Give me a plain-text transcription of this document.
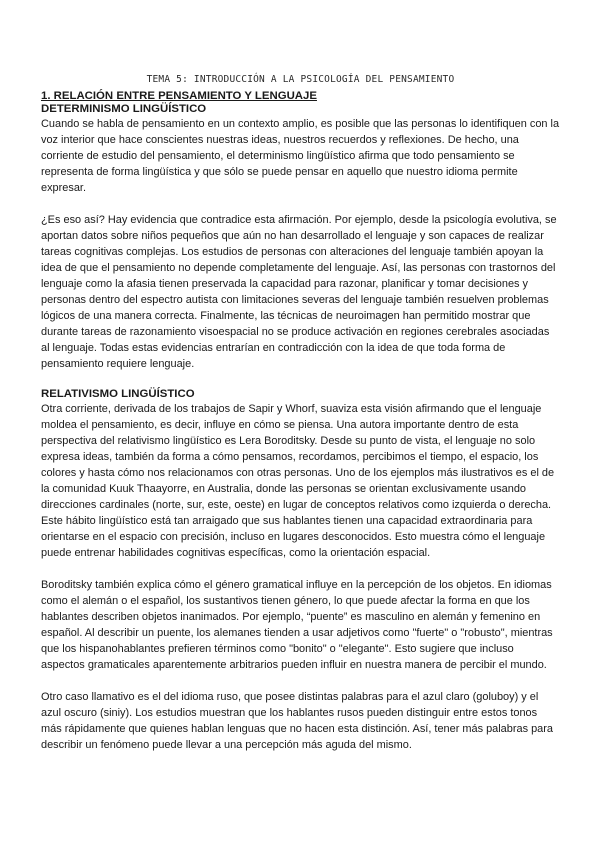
TEMA 5: INTRODUCCIÓN A LA PSICOLOGÍA DEL PENSAMIENTO
1. RELACIÓN ENTRE PENSAMIENTO Y LENGUAJE
DETERMINISMO LINGÜÍSTICO

Cuando se habla de pensamiento en un contexto amplio, es posible que las personas lo identifiquen con la voz interior que hace conscientes nuestras ideas, nuestros recuerdos y reflexiones. De hecho, una corriente de estudio del pensamiento, el determinismo lingüístico afirma que todo pensamiento se representa de forma lingüística y que sólo se puede pensar en aquello que nuestro idioma permite expresar.

¿Es eso así? Hay evidencia que contradice esta afirmación. Por ejemplo, desde la psicología evolutiva, se aportan datos sobre niños pequeños que aún no han desarrollado el lenguaje y son capaces de realizar tareas cognitivas complejas. Los estudios de personas con alteraciones del lenguaje también apoyan la idea de que el pensamiento no depende completamente del lenguaje. Así, las personas con trastornos del lenguaje como la afasia tienen preservada la capacidad para razonar, planificar y tomar decisiones y personas dentro del espectro autista con limitaciones severas del lenguaje también resuelven problemas lógicos de una manera correcta. Finalmente, las técnicas de neuroimagen han permitido mostrar que durante tareas de razonamiento visoespacial no se produce activación en regiones cerebrales asociadas al lenguaje. Todas estas evidencias entrarían en contradicción con la idea de que toda forma de pensamiento requiere lenguaje.

RELATIVISMO LINGÜÍSTICO

Otra corriente, derivada de los trabajos de Sapir y Whorf, suaviza esta visión afirmando que el lenguaje moldea el pensamiento, es decir, influye en cómo se piensa. Una autora importante dentro de esta perspectiva del relativismo lingüístico es Lera Boroditsky. Desde su punto de vista, el lenguaje no solo expresa ideas, también da forma a cómo pensamos, recordamos, percibimos el tiempo, el espacio, los colores y hasta cómo nos relacionamos con otras personas. Uno de los ejemplos más ilustrativos es el de la comunidad Kuuk Thaayorre, en Australia, donde las personas se orientan exclusivamente usando direcciones cardinales (norte, sur, este, oeste) en lugar de conceptos relativos como izquierda o derecha. Este hábito lingüístico está tan arraigado que sus hablantes tienen una capacidad extraordinaria para orientarse en el espacio con precisión, incluso en lugares desconocidos. Esto muestra cómo el lenguaje puede entrenar habilidades cognitivas específicas, como la orientación espacial.

Boroditsky también explica cómo el género gramatical influye en la percepción de los objetos. En idiomas como el alemán o el español, los sustantivos tienen género, lo que puede afectar la forma en que los hablantes describen objetos inanimados. Por ejemplo, “puente” es masculino en alemán y femenino en español. Al describir un puente, los alemanes tienden a usar adjetivos como "fuerte" o "robusto", mientras que los hispanohablantes prefieren términos como "bonito" o "elegante". Esto sugiere que incluso aspectos gramaticales aparentemente arbitrarios pueden influir en nuestra manera de percibir el mundo.

Otro caso llamativo es el del idioma ruso, que posee distintas palabras para el azul claro (goluboy) y el azul oscuro (siniy). Los estudios muestran que los hablantes rusos pueden distinguir entre estos tonos más rápidamente que quienes hablan lenguas que no hacen esta distinción. Así, tener más palabras para describir un fenómeno puede llevar a una percepción más aguda del mismo.
